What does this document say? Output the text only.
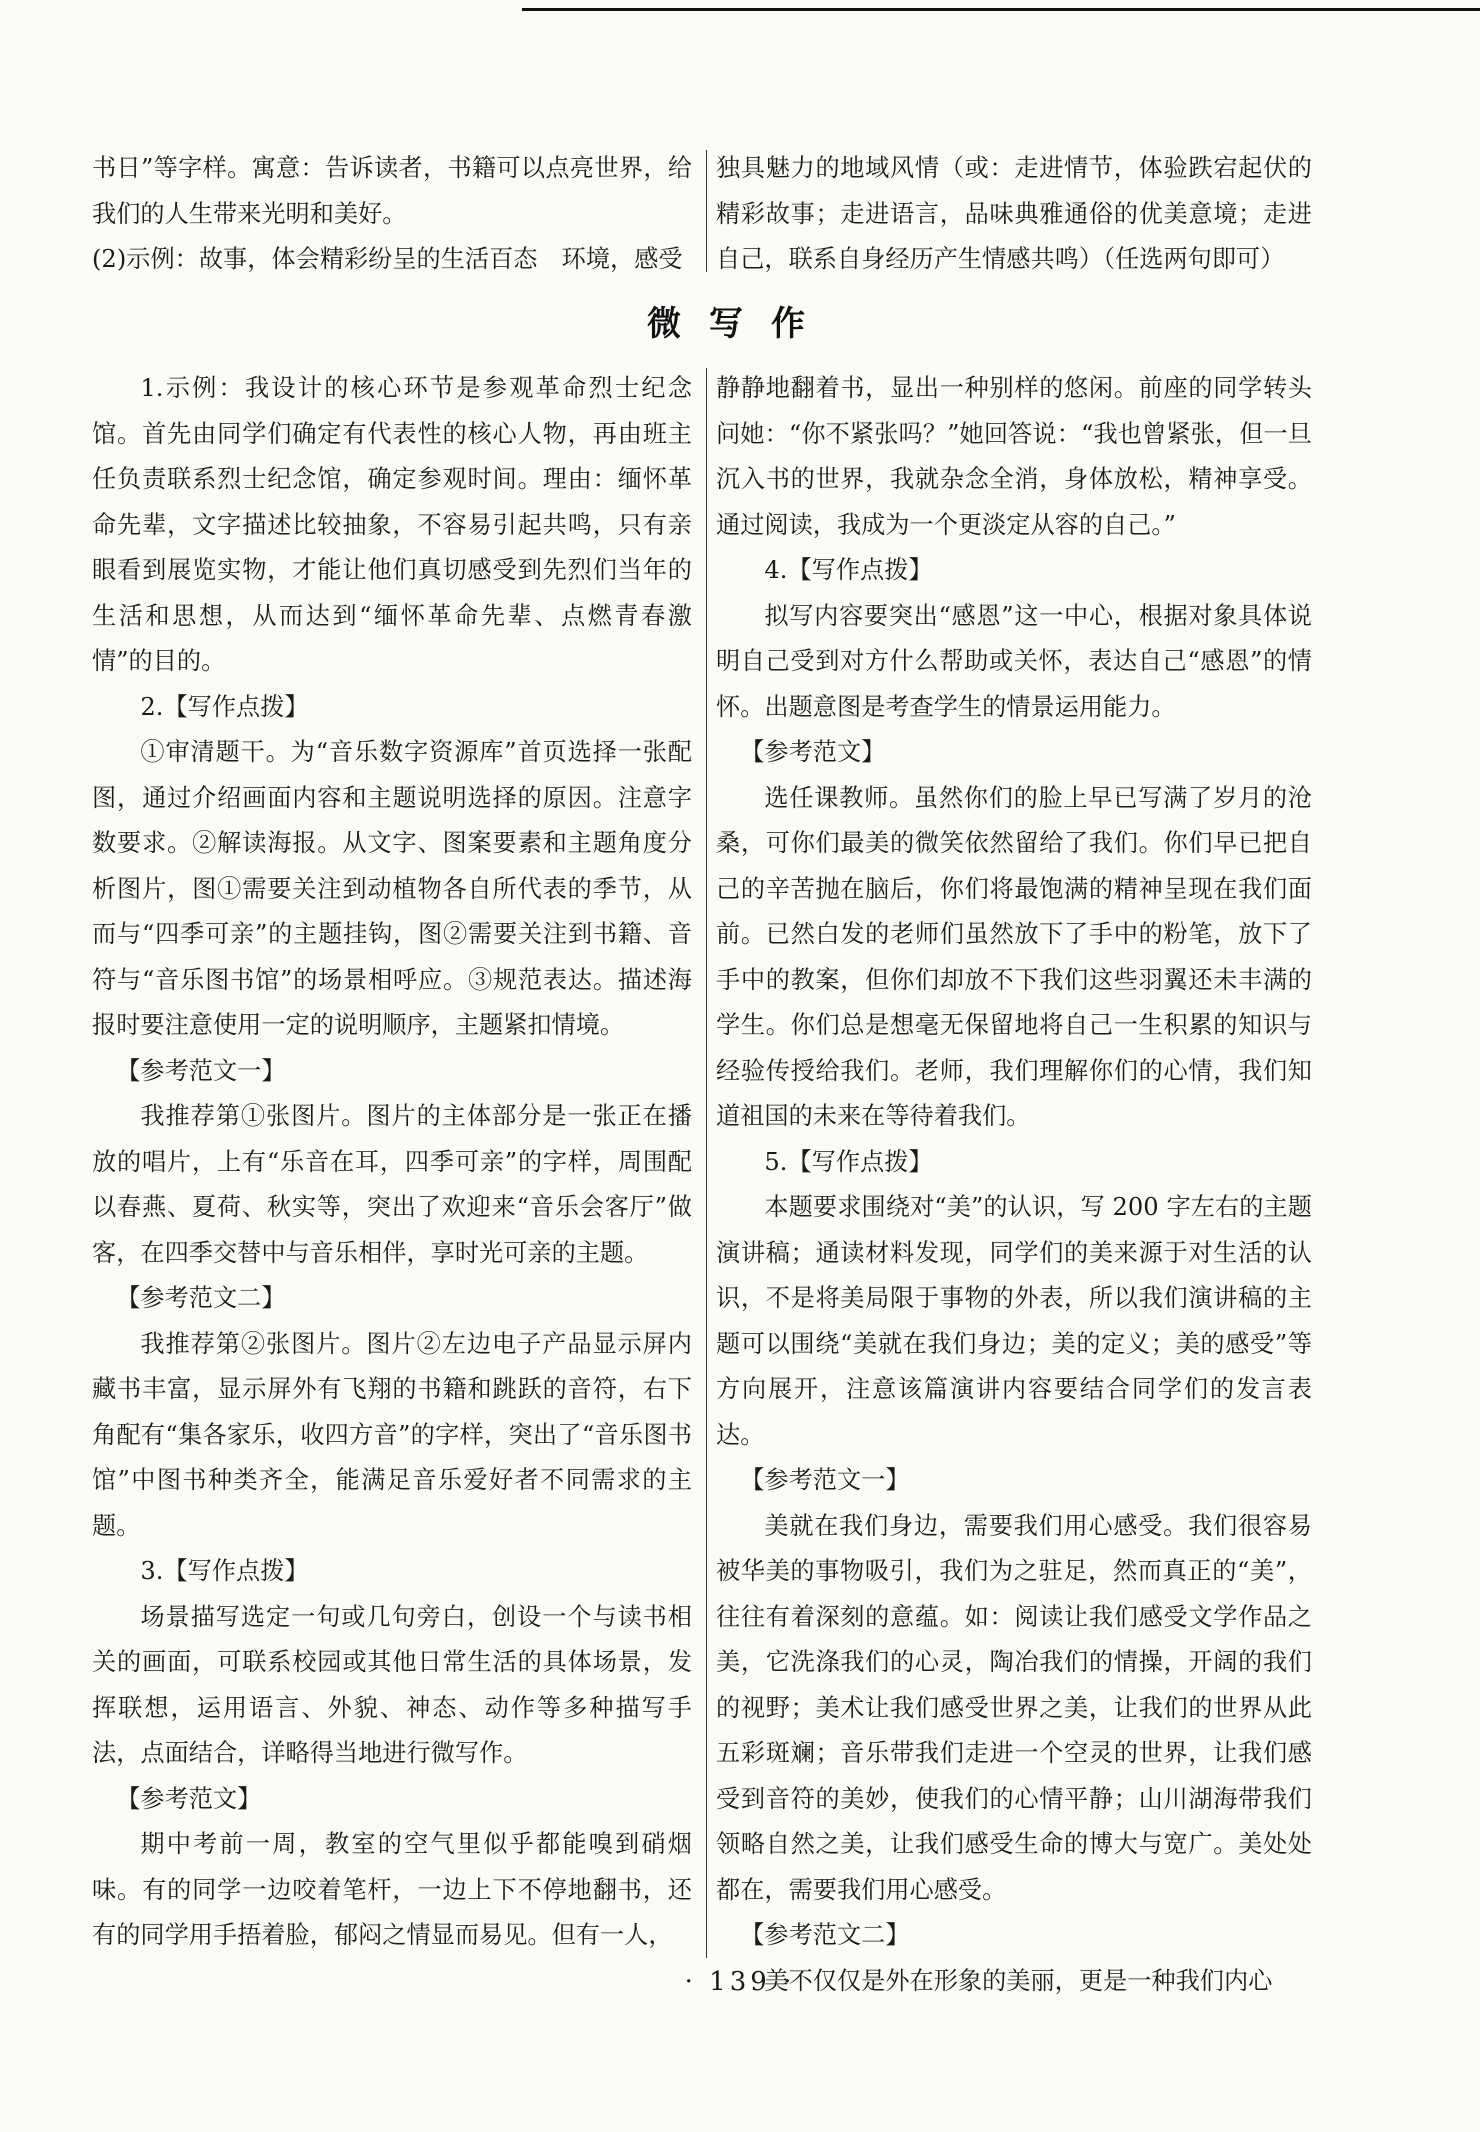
书日”等字样。寓意：告诉读者，书籍可以点亮世界，给我们的人生带来光明和美好。

(2)示例：故事，体会精彩纷呈的生活百态　环境，感受

独具魅力的地域风情（或：走进情节，体验跌宕起伏的精彩故事；走进语言，品味典雅通俗的优美意境；走进自己，联系自身经历产生情感共鸣）（任选两句即可）

微写作

1.示例：我设计的核心环节是参观革命烈士纪念馆。首先由同学们确定有代表性的核心人物，再由班主任负责联系烈士纪念馆，确定参观时间。理由：缅怀革命先辈，文字描述比较抽象，不容易引起共鸣，只有亲眼看到展览实物，才能让他们真切感受到先烈们当年的生活和思想，从而达到“缅怀革命先辈、点燃青春激情”的目的。

2.【写作点拨】

①审清题干。为“音乐数字资源库”首页选择一张配图，通过介绍画面内容和主题说明选择的原因。注意字数要求。②解读海报。从文字、图案要素和主题角度分析图片，图①需要关注到动植物各自所代表的季节，从而与“四季可亲”的主题挂钩，图②需要关注到书籍、音符与“音乐图书馆”的场景相呼应。③规范表达。描述海报时要注意使用一定的说明顺序，主题紧扣情境。

【参考范文一】

我推荐第①张图片。图片的主体部分是一张正在播放的唱片，上有“乐音在耳，四季可亲”的字样，周围配以春燕、夏荷、秋实等，突出了欢迎来“音乐会客厅”做客，在四季交替中与音乐相伴，享时光可亲的主题。

【参考范文二】

我推荐第②张图片。图片②左边电子产品显示屏内藏书丰富，显示屏外有飞翔的书籍和跳跃的音符，右下角配有“集各家乐，收四方音”的字样，突出了“音乐图书馆”中图书种类齐全，能满足音乐爱好者不同需求的主题。

3.【写作点拨】

场景描写选定一句或几句旁白，创设一个与读书相关的画面，可联系校园或其他日常生活的具体场景，发挥联想，运用语言、外貌、神态、动作等多种描写手法，点面结合，详略得当地进行微写作。

【参考范文】

期中考前一周，教室的空气里似乎都能嗅到硝烟味。有的同学一边咬着笔杆，一边上下不停地翻书，还有的同学用手捂着脸，郁闷之情显而易见。但有一人，

静静地翻着书，显出一种别样的悠闲。前座的同学转头问她：“你不紧张吗？”她回答说：“我也曾紧张，但一旦沉入书的世界，我就杂念全消，身体放松，精神享受。通过阅读，我成为一个更淡定从容的自己。”

4.【写作点拨】

拟写内容要突出“感恩”这一中心，根据对象具体说明自己受到对方什么帮助或关怀，表达自己“感恩”的情怀。出题意图是考查学生的情景运用能力。

【参考范文】

选任课教师。虽然你们的脸上早已写满了岁月的沧桑，可你们最美的微笑依然留给了我们。你们早已把自己的辛苦抛在脑后，你们将最饱满的精神呈现在我们面前。已然白发的老师们虽然放下了手中的粉笔，放下了手中的教案，但你们却放不下我们这些羽翼还未丰满的学生。你们总是想毫无保留地将自己一生积累的知识与经验传授给我们。老师，我们理解你们的心情，我们知道祖国的未来在等待着我们。

5.【写作点拨】

本题要求围绕对“美”的认识，写 200 字左右的主题演讲稿；通读材料发现，同学们的美来源于对生活的认识，不是将美局限于事物的外表，所以我们演讲稿的主题可以围绕“美就在我们身边；美的定义；美的感受”等方向展开，注意该篇演讲内容要结合同学们的发言表达。

【参考范文一】

美就在我们身边，需要我们用心感受。我们很容易被华美的事物吸引，我们为之驻足，然而真正的“美”，往往有着深刻的意蕴。如：阅读让我们感受文学作品之美，它洗涤我们的心灵，陶冶我们的情操，开阔的我们的视野；美术让我们感受世界之美，让我们的世界从此五彩斑斓；音乐带我们走进一个空灵的世界，让我们感受到音符的美妙，使我们的心情平静；山川湖海带我们领略自然之美，让我们感受生命的博大与宽广。美处处都在，需要我们用心感受。

【参考范文二】

美不仅仅是外在形象的美丽，更是一种我们内心

· 139 ·
